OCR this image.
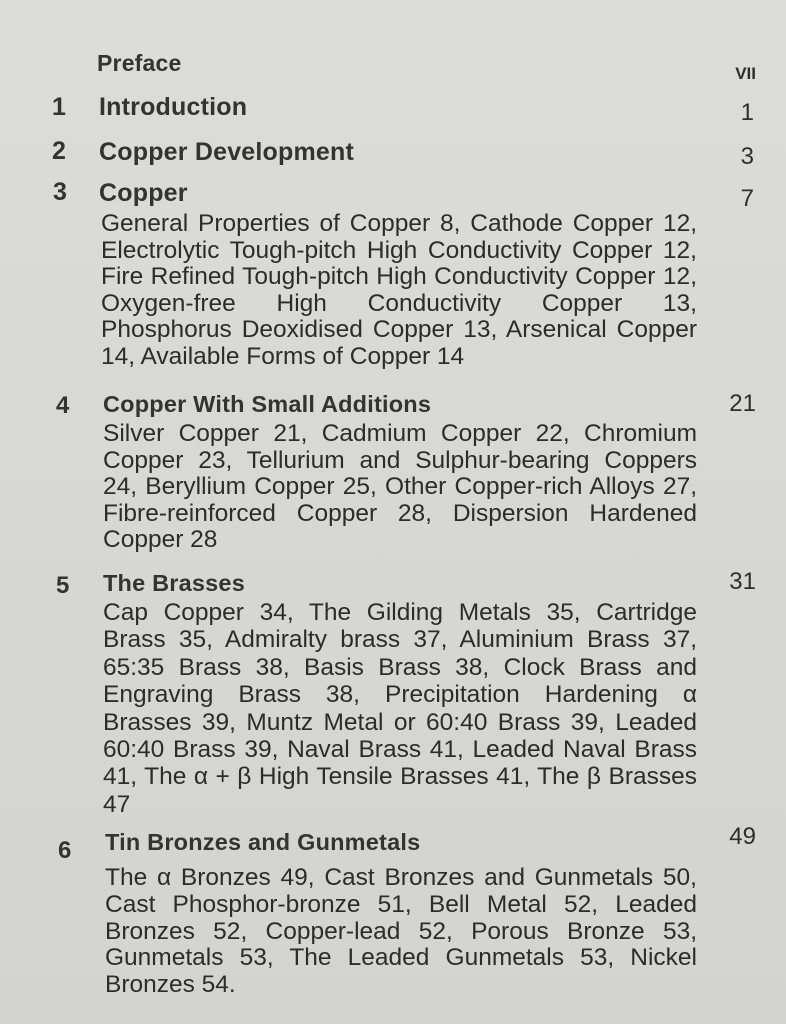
Preface	VII
1 Introduction	1
2 Copper Development	3
3 Copper	7

General Properties of Copper 8, Cathode Copper 12, Electrolytic Tough-pitch High Conductivity Copper 12, Fire Refined Tough-pitch High Conductivity Copper 12, Oxygen-free High Conductivity Copper 13, Phosphorus Deoxidised Copper 13, Arsenical Copper 14, Available Forms of Copper 14

4 Copper With Small Additions	21

Silver Copper 21, Cadmium Copper 22, Chromium Copper 23, Tellurium and Sulphur-bearing Coppers 24, Beryllium Copper 25, Other Copper-rich Alloys 27, Fibre-reinforced Copper 28, Dispersion Hardened Copper 28

5 The Brasses	31

Cap Copper 34, The Gilding Metals 35, Cartridge Brass 35, Admiralty brass 37, Aluminium Brass 37, 65:35 Brass 38, Basis Brass 38, Clock Brass and Engraving Brass 38, Precipitation Hardening α Brasses 39, Muntz Metal or 60:40 Brass 39, Leaded 60:40 Brass 39, Naval Brass 41, Leaded Naval Brass 41, The α + β High Tensile Brasses 41, The β Brasses 47

6 Tin Bronzes and Gunmetals	49

The α Bronzes 49, Cast Bronzes and Gunmetals 50, Cast Phosphor-bronze 51, Bell Metal 52, Leaded Bronzes 52, Copper-lead 52, Porous Bronze 53, Gunmetals 53, The Leaded Gunmetals 53, Nickel Bronzes 54.
